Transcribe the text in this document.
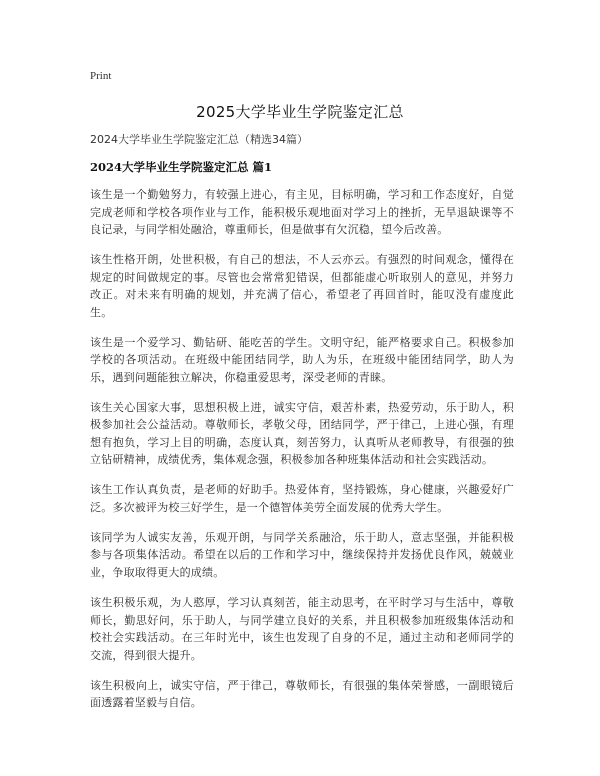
Print
2025大学毕业生学院鉴定汇总
2024大学毕业生学院鉴定汇总（精选34篇）
2024大学毕业生学院鉴定汇总 篇1

该生是一个勤勉努力，有较强上进心，有主见，目标明确，学习和工作态度好，自觉完成老师和学校各项作业与工作，能积极乐观地面对学习上的挫折，无旱退缺课等不良记录，与同学相处融洽，尊重师长，但是做事有欠沉稳，望今后改善。

该生性格开朗，处世积极，有自己的想法，不人云亦云。有强烈的时间观念，懂得在规定的时间做规定的事。尽管也会常常犯错误，但都能虚心听取别人的意见，并努力改正。对未来有明确的规划，并充满了信心，希望老了再回首时，能叹没有虚度此生。

该生是一个爱学习、勤钻研、能吃苦的学生。文明守纪，能严格要求自己。积极参加学校的各项活动。在班级中能团结同学，助人为乐，在班级中能团结同学，助人为乐，遇到问题能独立解决，你稳重爱思考，深受老师的青睐。

该生关心国家大事，思想积极上进，诚实守信，艰苦朴素，热爱劳动，乐于助人，积极参加社会公益活动。尊敬师长，孝敬父母，团结同学，严于律己，上进心强，有理想有抱负，学习上目的明确，态度认真，刻苦努力，认真听从老师教导，有很强的独立钻研精神，成绩优秀，集体观念强，积极参加各种班集体活动和社会实践活动。

该生工作认真负责，是老师的好助手。热爱体育，坚持锻炼，身心健康，兴趣爱好广泛。多次被评为校三好学生，是一个德智体美劳全面发展的优秀大学生。

该同学为人诚实友善，乐观开朗，与同学关系融洽，乐于助人，意志坚强，并能积极参与各项集体活动。希望在以后的工作和学习中，继续保持并发扬优良作风，兢兢业业，争取取得更大的成绩。

该生积极乐观，为人憨厚，学习认真刻苦，能主动思考，在平时学习与生活中，尊敬师长，勤思好问，乐于助人，与同学建立良好的关系，并且积极参加班级集体活动和校社会实践活动。在三年时光中，该生也发现了自身的不足，通过主动和老师同学的交流，得到很大提升。

该生积极向上，诚实守信，严于律己，尊敬师长，有很强的集体荣誉感，一副眼镜后面透露着坚毅与自信。
